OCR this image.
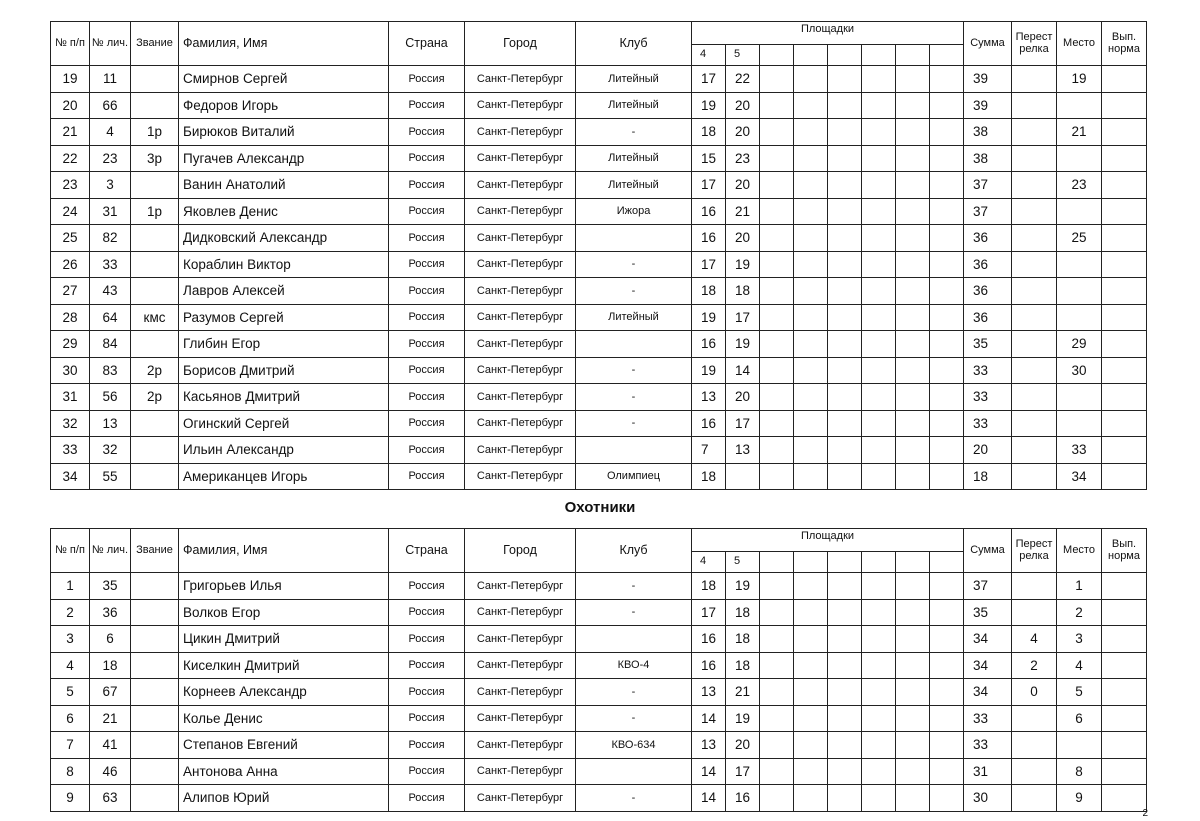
№ п/п	№ лич.	Звание	Фамилия, Имя	Страна	Город	Клуб	Площадки								Сумма	Перест релка	Место	Вып. норма
							4	5										
19	11		Смирнов Сергей	Россия	Санкт-Петербург	Литейный	17	22							39		19	
20	66		Федоров Игорь	Россия	Санкт-Петербург	Литейный	19	20							39			
21	4	1р	Бирюков Виталий	Россия	Санкт-Петербург	-	18	20							38		21	
22	23	3р	Пугачев Александр	Россия	Санкт-Петербург	Литейный	15	23							38			
23	3		Ванин Анатолий	Россия	Санкт-Петербург	Литейный	17	20							37		23	
24	31	1р	Яковлев Денис	Россия	Санкт-Петербург	Ижора	16	21							37			
25	82		Дидковский Александр	Россия	Санкт-Петербург		16	20							36		25	
26	33		Кораблин Виктор	Россия	Санкт-Петербург	-	17	19							36			
27	43		Лавров Алексей	Россия	Санкт-Петербург	-	18	18							36			
28	64	кмс	Разумов Сергей	Россия	Санкт-Петербург	Литейный	19	17							36			
29	84		Глибин Егор	Россия	Санкт-Петербург		16	19							35		29	
30	83	2р	Борисов Дмитрий	Россия	Санкт-Петербург	-	19	14							33		30	
31	56	2р	Касьянов Дмитрий	Россия	Санкт-Петербург	-	13	20							33			
32	13		Огинский Сергей	Россия	Санкт-Петербург	-	16	17							33			
33	32		Ильин Александр	Россия	Санкт-Петербург		7	13							20		33	
34	55		Американцев Игорь	Россия	Санкт-Петербург	Олимпиец	18								18		34	
Охотники
№ п/п	№ лич.	Звание	Фамилия, Имя	Страна	Город	Клуб	Площадки								Сумма	Перест релка	Место	Вып. норма
							4	5										
1	35		Григорьев Илья	Россия	Санкт-Петербург	-	18	19							37		1	
2	36		Волков Егор	Россия	Санкт-Петербург	-	17	18							35		2	
3	6		Цикин Дмитрий	Россия	Санкт-Петербург		16	18							34	4	3	
4	18		Киселкин Дмитрий	Россия	Санкт-Петербург	КВО-4	16	18							34	2	4	
5	67		Корнеев Александр	Россия	Санкт-Петербург	-	13	21							34	0	5	
6	21		Колье Денис	Россия	Санкт-Петербург	-	14	19							33		6	
7	41		Степанов Евгений	Россия	Санкт-Петербург	КВО-634	13	20							33			
8	46		Антонова Анна	Россия	Санкт-Петербург		14	17							31		8	
9	63		Алипов Юрий	Россия	Санкт-Петербург	-	14	16							30		9	
2
